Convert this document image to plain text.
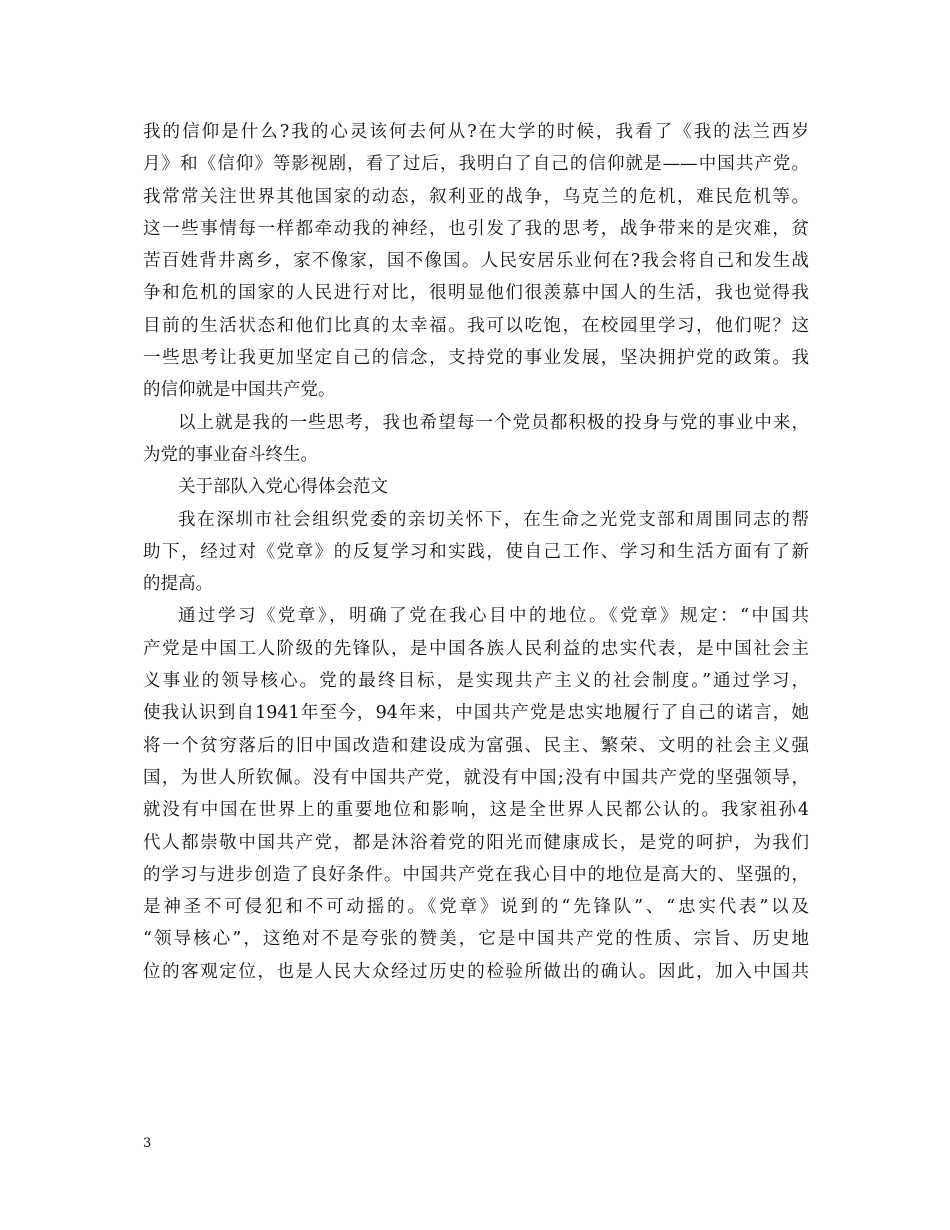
我的信仰是什么?我的心灵该何去何从?在大学的时候，我看了《我的法兰西岁
月》和《信仰》等影视剧，看了过后，我明白了自己的信仰就是——中国共产党。
我常常关注世界其他国家的动态，叙利亚的战争，乌克兰的危机，难民危机等。
这一些事情每一样都牵动我的神经，也引发了我的思考，战争带来的是灾难，贫
苦百姓背井离乡，家不像家，国不像国。人民安居乐业何在?我会将自己和发生战
争和危机的国家的人民进行对比，很明显他们很羡慕中国人的生活，我也觉得我
目前的生活状态和他们比真的太幸福。我可以吃饱，在校园里学习，他们呢？这
一些思考让我更加坚定自己的信念，支持党的事业发展，坚决拥护党的政策。我
的信仰就是中国共产党。
以上就是我的一些思考，我也希望每一个党员都积极的投身与党的事业中来，
为党的事业奋斗终生。
关于部队入党心得体会范文
我在深圳市社会组织党委的亲切关怀下，在生命之光党支部和周围同志的帮
助下，经过对《党章》的反复学习和实践，使自己工作、学习和生活方面有了新
的提高。
通过学习《党章》，明确了党在我心目中的地位。《党章》规定：“中国共
产党是中国工人阶级的先锋队，是中国各族人民利益的忠实代表，是中国社会主
义事业的领导核心。党的最终目标，是实现共产主义的社会制度。”通过学习，
使我认识到自1941年至今，94年来，中国共产党是忠实地履行了自己的诺言，她
将一个贫穷落后的旧中国改造和建设成为富强、民主、繁荣、文明的社会主义强
国，为世人所钦佩。没有中国共产党，就没有中国;没有中国共产党的坚强领导，
就没有中国在世界上的重要地位和影响，这是全世界人民都公认的。我家祖孙4
代人都崇敬中国共产党，都是沐浴着党的阳光而健康成长，是党的呵护，为我们
的学习与进步创造了良好条件。中国共产党在我心目中的地位是高大的、坚强的，
是神圣不可侵犯和不可动摇的。《党章》说到的“先锋队”、“忠实代表”以及
“领导核心”，这绝对不是夸张的赞美，它是中国共产党的性质、宗旨、历史地
位的客观定位，也是人民大众经过历史的检验所做出的确认。因此，加入中国共
3
